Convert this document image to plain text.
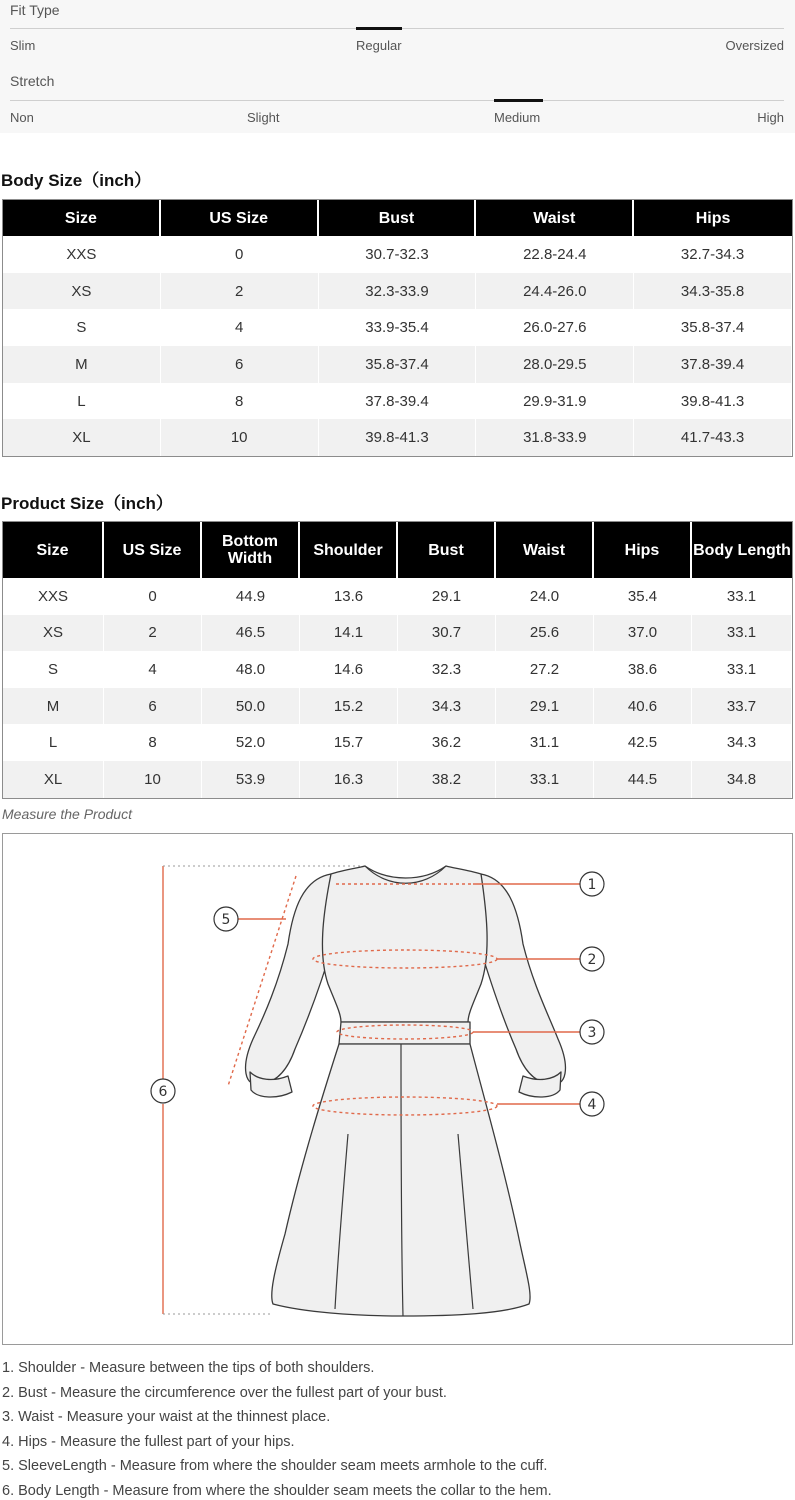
Fit Type
Slim	Regular	Oversized
Stretch
Non	Slight	Medium	High
Body Size（inch）
Size	US Size	Bust	Waist	Hips
XXS	0	30.7-32.3	22.8-24.4	32.7-34.3
XS	2	32.3-33.9	24.4-26.0	34.3-35.8
S	4	33.9-35.4	26.0-27.6	35.8-37.4
M	6	35.8-37.4	28.0-29.5	37.8-39.4
L	8	37.8-39.4	29.9-31.9	39.8-41.3
XL	10	39.8-41.3	31.8-33.9	41.7-43.3
Product Size（inch）
Size	US Size	Bottom Width	Shoulder	Bust	Waist	Hips	Body Length
XXS	0	44.9	13.6	29.1	24.0	35.4	33.1
XS	2	46.5	14.1	30.7	25.6	37.0	33.1
S	4	48.0	14.6	32.3	27.2	38.6	33.1
M	6	50.0	15.2	34.3	29.1	40.6	33.7
L	8	52.0	15.7	36.2	31.1	42.5	34.3
XL	10	53.9	16.3	38.2	33.1	44.5	34.8
Measure the Product
1
2
3
4
5
6
1. Shoulder - Measure between the tips of both shoulders.
2. Bust - Measure the circumference over the fullest part of your bust.
3. Waist - Measure your waist at the thinnest place.
4. Hips - Measure the fullest part of your hips.
5. SleeveLength - Measure from where the shoulder seam meets armhole to the cuff.
6. Body Length - Measure from where the shoulder seam meets the collar to the hem.
